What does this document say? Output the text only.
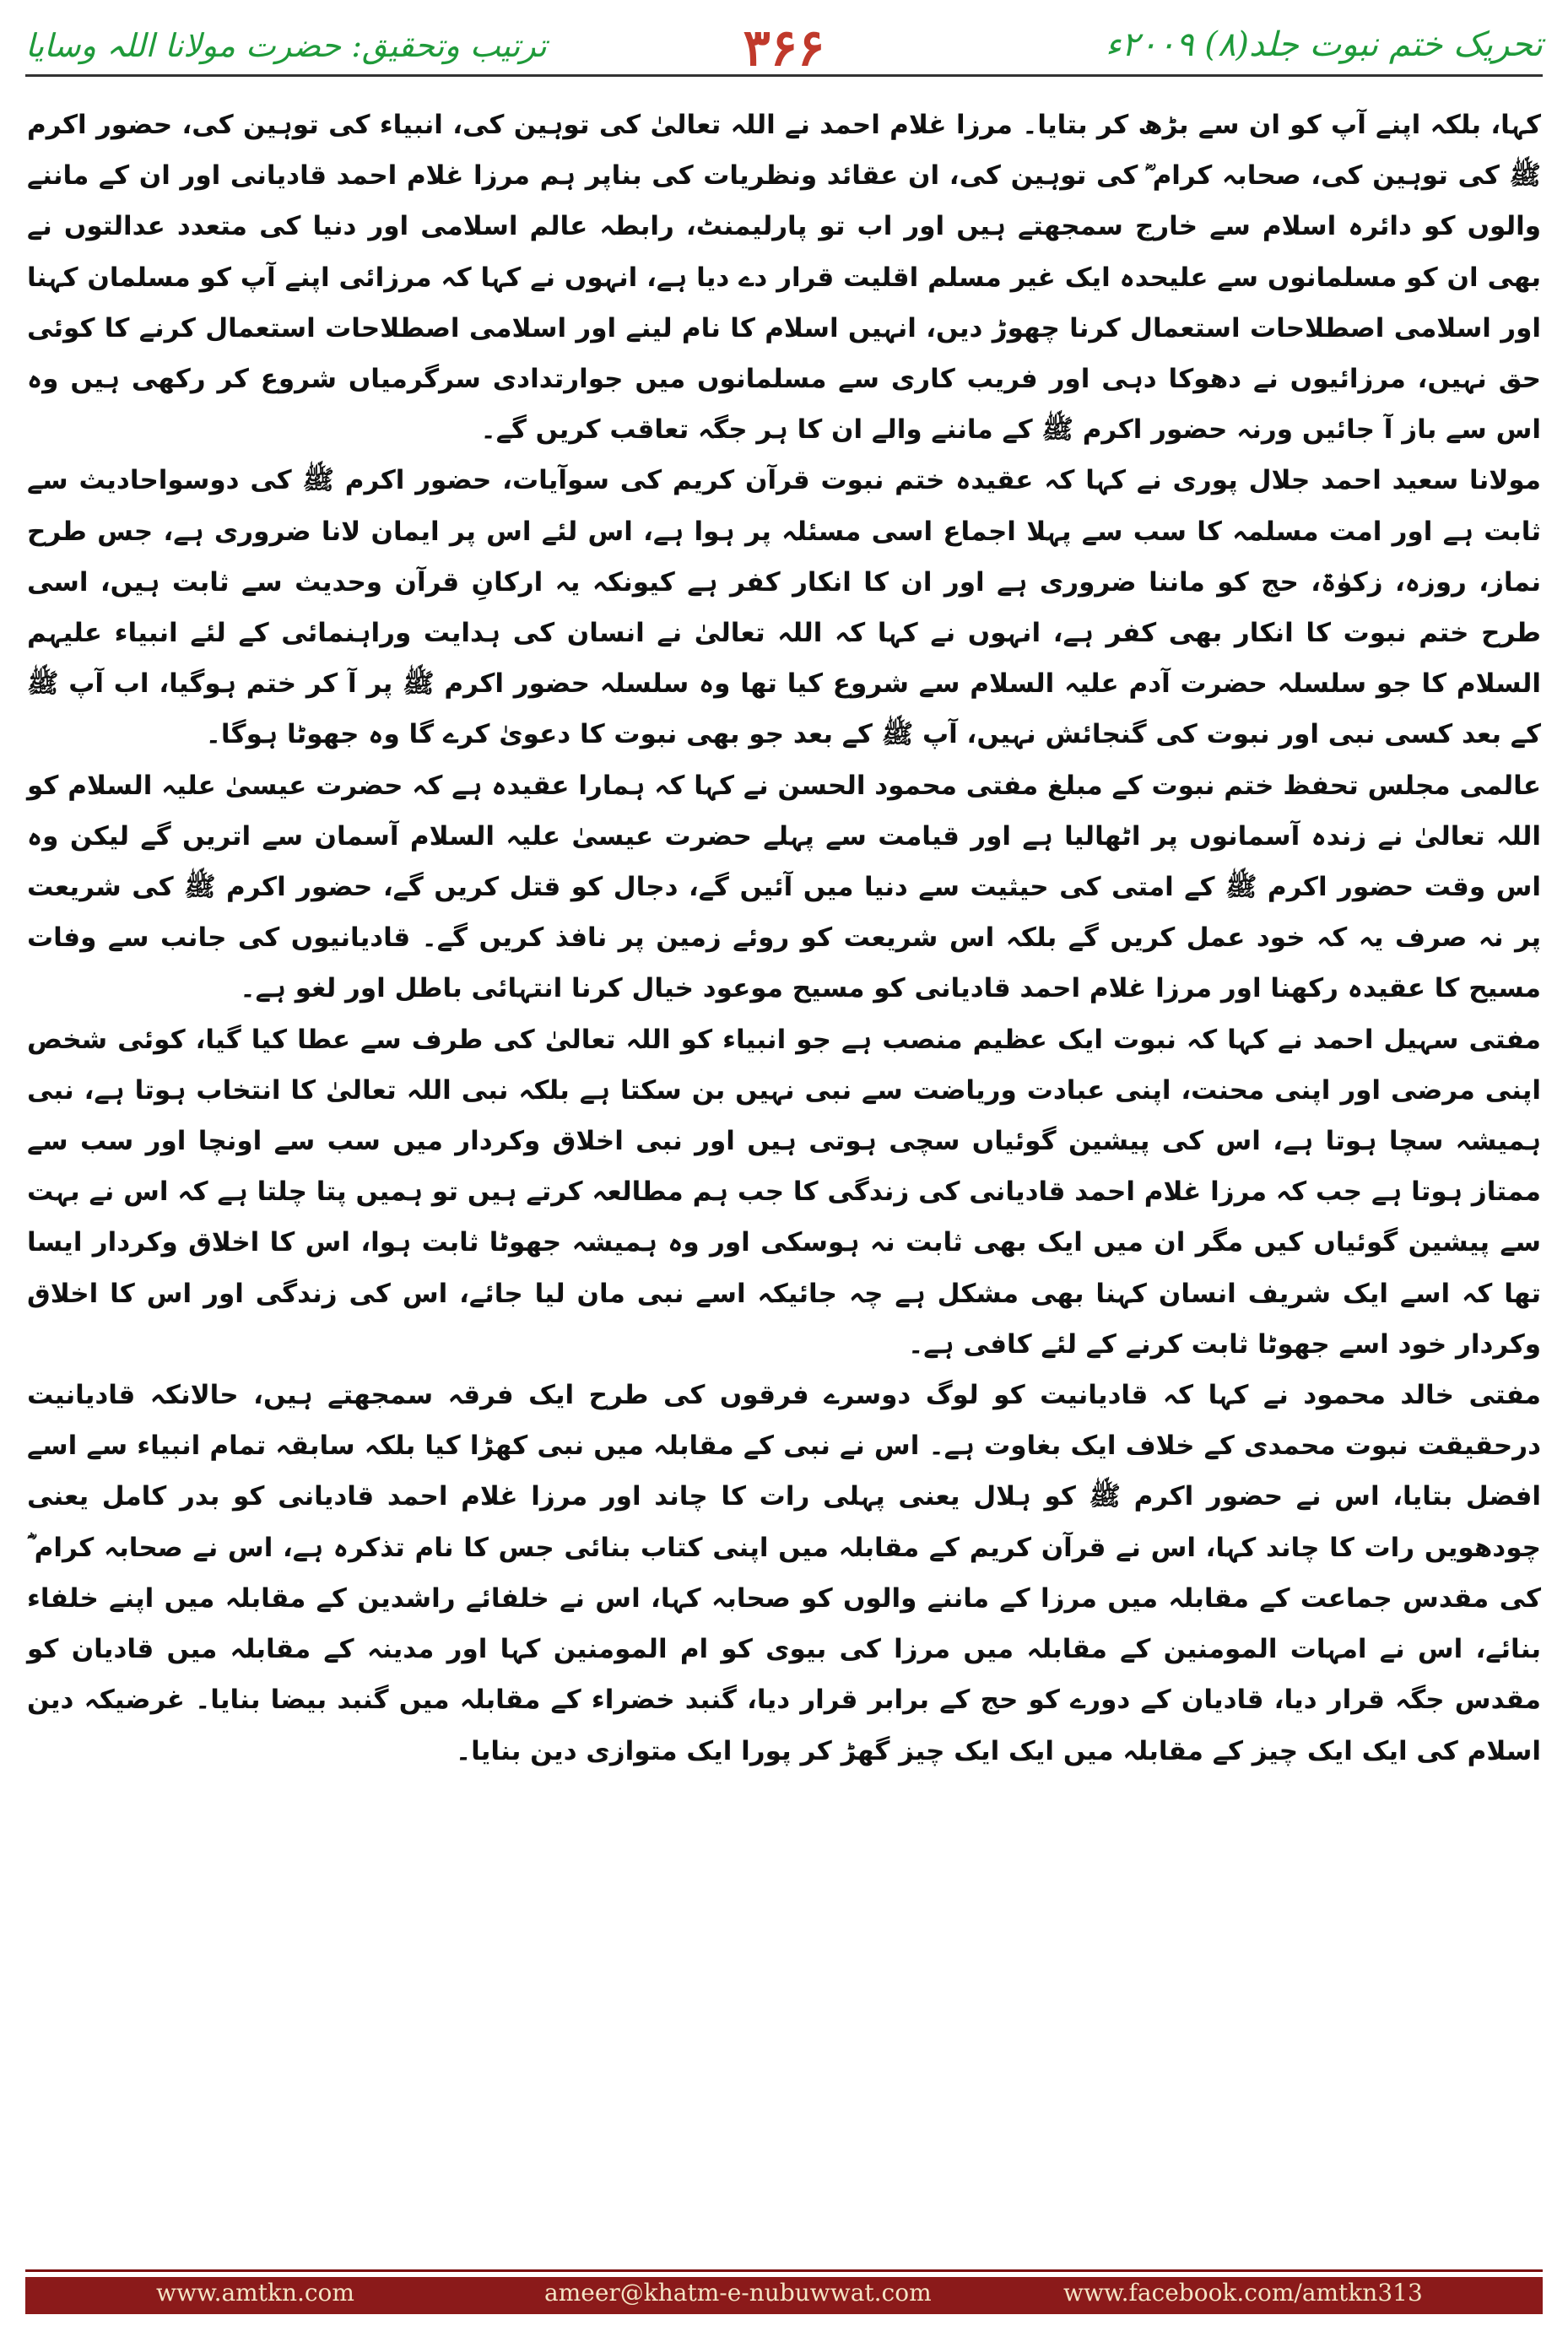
تحریک ختم نبوت جلد(۸) ۲۰۰۹ء
۳۶۶
ترتیب وتحقیق: حضرت مولانا اللہ وسایا

کہا، بلکہ اپنے آپ کو ان سے بڑھ کر بتایا۔ مرزا غلام احمد نے اللہ تعالیٰ کی توہین کی، انبیاء کی توہین کی، حضور اکرم ﷺ کی توہین کی، صحابہ کرام ؓ کی توہین کی، ان عقائد ونظریات کی بناپر ہم مرزا غلام احمد قادیانی اور ان کے ماننے والوں کو دائرہ اسلام سے خارج سمجھتے ہیں اور اب تو پارلیمنٹ، رابطہ عالم اسلامی اور دنیا کی متعدد عدالتوں نے بھی ان کو مسلمانوں سے علیحدہ ایک غیر مسلم اقلیت قرار دے دیا ہے، انہوں نے کہا کہ مرزائی اپنے آپ کو مسلمان کہنا اور اسلامی اصطلاحات استعمال کرنا چھوڑ دیں، انہیں اسلام کا نام لینے اور اسلامی اصطلاحات استعمال کرنے کا کوئی حق نہیں، مرزائیوں نے دھوکا دہی اور فریب کاری سے مسلمانوں میں جوارتدادی سرگرمیاں شروع کر رکھی ہیں وہ اس سے باز آ جائیں ورنہ حضور اکرم ﷺ کے ماننے والے ان کا ہر جگہ تعاقب کریں گے۔

مولانا سعید احمد جلال پوری نے کہا کہ عقیدہ ختم نبوت قرآن کریم کی سوآیات، حضور اکرم ﷺ کی دوسواحادیث سے ثابت ہے اور امت مسلمہ کا سب سے پہلا اجماع اسی مسئلہ پر ہوا ہے، اس لئے اس پر ایمان لانا ضروری ہے، جس طرح نماز، روزہ، زکوٰۃ، حج کو ماننا ضروری ہے اور ان کا انکار کفر ہے کیونکہ یہ ارکانِ قرآن وحدیث سے ثابت ہیں، اسی طرح ختم نبوت کا انکار بھی کفر ہے، انہوں نے کہا کہ اللہ تعالیٰ نے انسان کی ہدایت وراہنمائی کے لئے انبیاء علیہم السلام کا جو سلسلہ حضرت آدم علیہ السلام سے شروع کیا تھا وہ سلسلہ حضور اکرم ﷺ پر آ کر ختم ہوگیا، اب آپ ﷺ کے بعد کسی نبی اور نبوت کی گنجائش نہیں، آپ ﷺ کے بعد جو بھی نبوت کا دعویٰ کرے گا وہ جھوٹا ہوگا۔

عالمی مجلس تحفظ ختم نبوت کے مبلغ مفتی محمود الحسن نے کہا کہ ہمارا عقیدہ ہے کہ حضرت عیسیٰ علیہ السلام کو اللہ تعالیٰ نے زندہ آسمانوں پر اٹھالیا ہے اور قیامت سے پہلے حضرت عیسیٰ علیہ السلام آسمان سے اتریں گے لیکن وہ اس وقت حضور اکرم ﷺ کے امتی کی حیثیت سے دنیا میں آئیں گے، دجال کو قتل کریں گے، حضور اکرم ﷺ کی شریعت پر نہ صرف یہ کہ خود عمل کریں گے بلکہ اس شریعت کو روئے زمین پر نافذ کریں گے۔ قادیانیوں کی جانب سے وفات مسیح کا عقیدہ رکھنا اور مرزا غلام احمد قادیانی کو مسیح موعود خیال کرنا انتہائی باطل اور لغو ہے۔

مفتی سہیل احمد نے کہا کہ نبوت ایک عظیم منصب ہے جو انبیاء کو اللہ تعالیٰ کی طرف سے عطا کیا گیا، کوئی شخص اپنی مرضی اور اپنی محنت، اپنی عبادت وریاضت سے نبی نہیں بن سکتا ہے بلکہ نبی اللہ تعالیٰ کا انتخاب ہوتا ہے، نبی ہمیشہ سچا ہوتا ہے، اس کی پیشین گوئیاں سچی ہوتی ہیں اور نبی اخلاق وکردار میں سب سے اونچا اور سب سے ممتاز ہوتا ہے جب کہ مرزا غلام احمد قادیانی کی زندگی کا جب ہم مطالعہ کرتے ہیں تو ہمیں پتا چلتا ہے کہ اس نے بہت سے پیشین گوئیاں کیں مگر ان میں ایک بھی ثابت نہ ہوسکی اور وہ ہمیشہ جھوٹا ثابت ہوا، اس کا اخلاق وکردار ایسا تھا کہ اسے ایک شریف انسان کہنا بھی مشکل ہے چہ جائیکہ اسے نبی مان لیا جائے، اس کی زندگی اور اس کا اخلاق وکردار خود اسے جھوٹا ثابت کرنے کے لئے کافی ہے۔

مفتی خالد محمود نے کہا کہ قادیانیت کو لوگ دوسرے فرقوں کی طرح ایک فرقہ سمجھتے ہیں، حالانکہ قادیانیت درحقیقت نبوت محمدی کے خلاف ایک بغاوت ہے۔ اس نے نبی کے مقابلہ میں نبی کھڑا کیا بلکہ سابقہ تمام انبیاء سے اسے افضل بتایا، اس نے حضور اکرم ﷺ کو ہلال یعنی پہلی رات کا چاند اور مرزا غلام احمد قادیانی کو بدر کامل یعنی چودھویں رات کا چاند کہا، اس نے قرآن کریم کے مقابلہ میں اپنی کتاب بنائی جس کا نام تذکرہ ہے، اس نے صحابہ کرام ؓ کی مقدس جماعت کے مقابلہ میں مرزا کے ماننے والوں کو صحابہ کہا، اس نے خلفائے راشدین کے مقابلہ میں اپنے خلفاء بنائے، اس نے امہات المومنین کے مقابلہ میں مرزا کی بیوی کو ام المومنین کہا اور مدینہ کے مقابلہ میں قادیان کو مقدس جگہ قرار دیا، قادیان کے دورے کو حج کے برابر قرار دیا، گنبد خضراء کے مقابلہ میں گنبد بیضا بنایا۔ غرضیکہ دین اسلام کی ایک ایک چیز کے مقابلہ میں ایک ایک چیز گھڑ کر پورا ایک متوازی دین بنایا۔

www.amtkn.com	ameer@khatm-e-nubuwwat.com	www.facebook.com/amtkn313
